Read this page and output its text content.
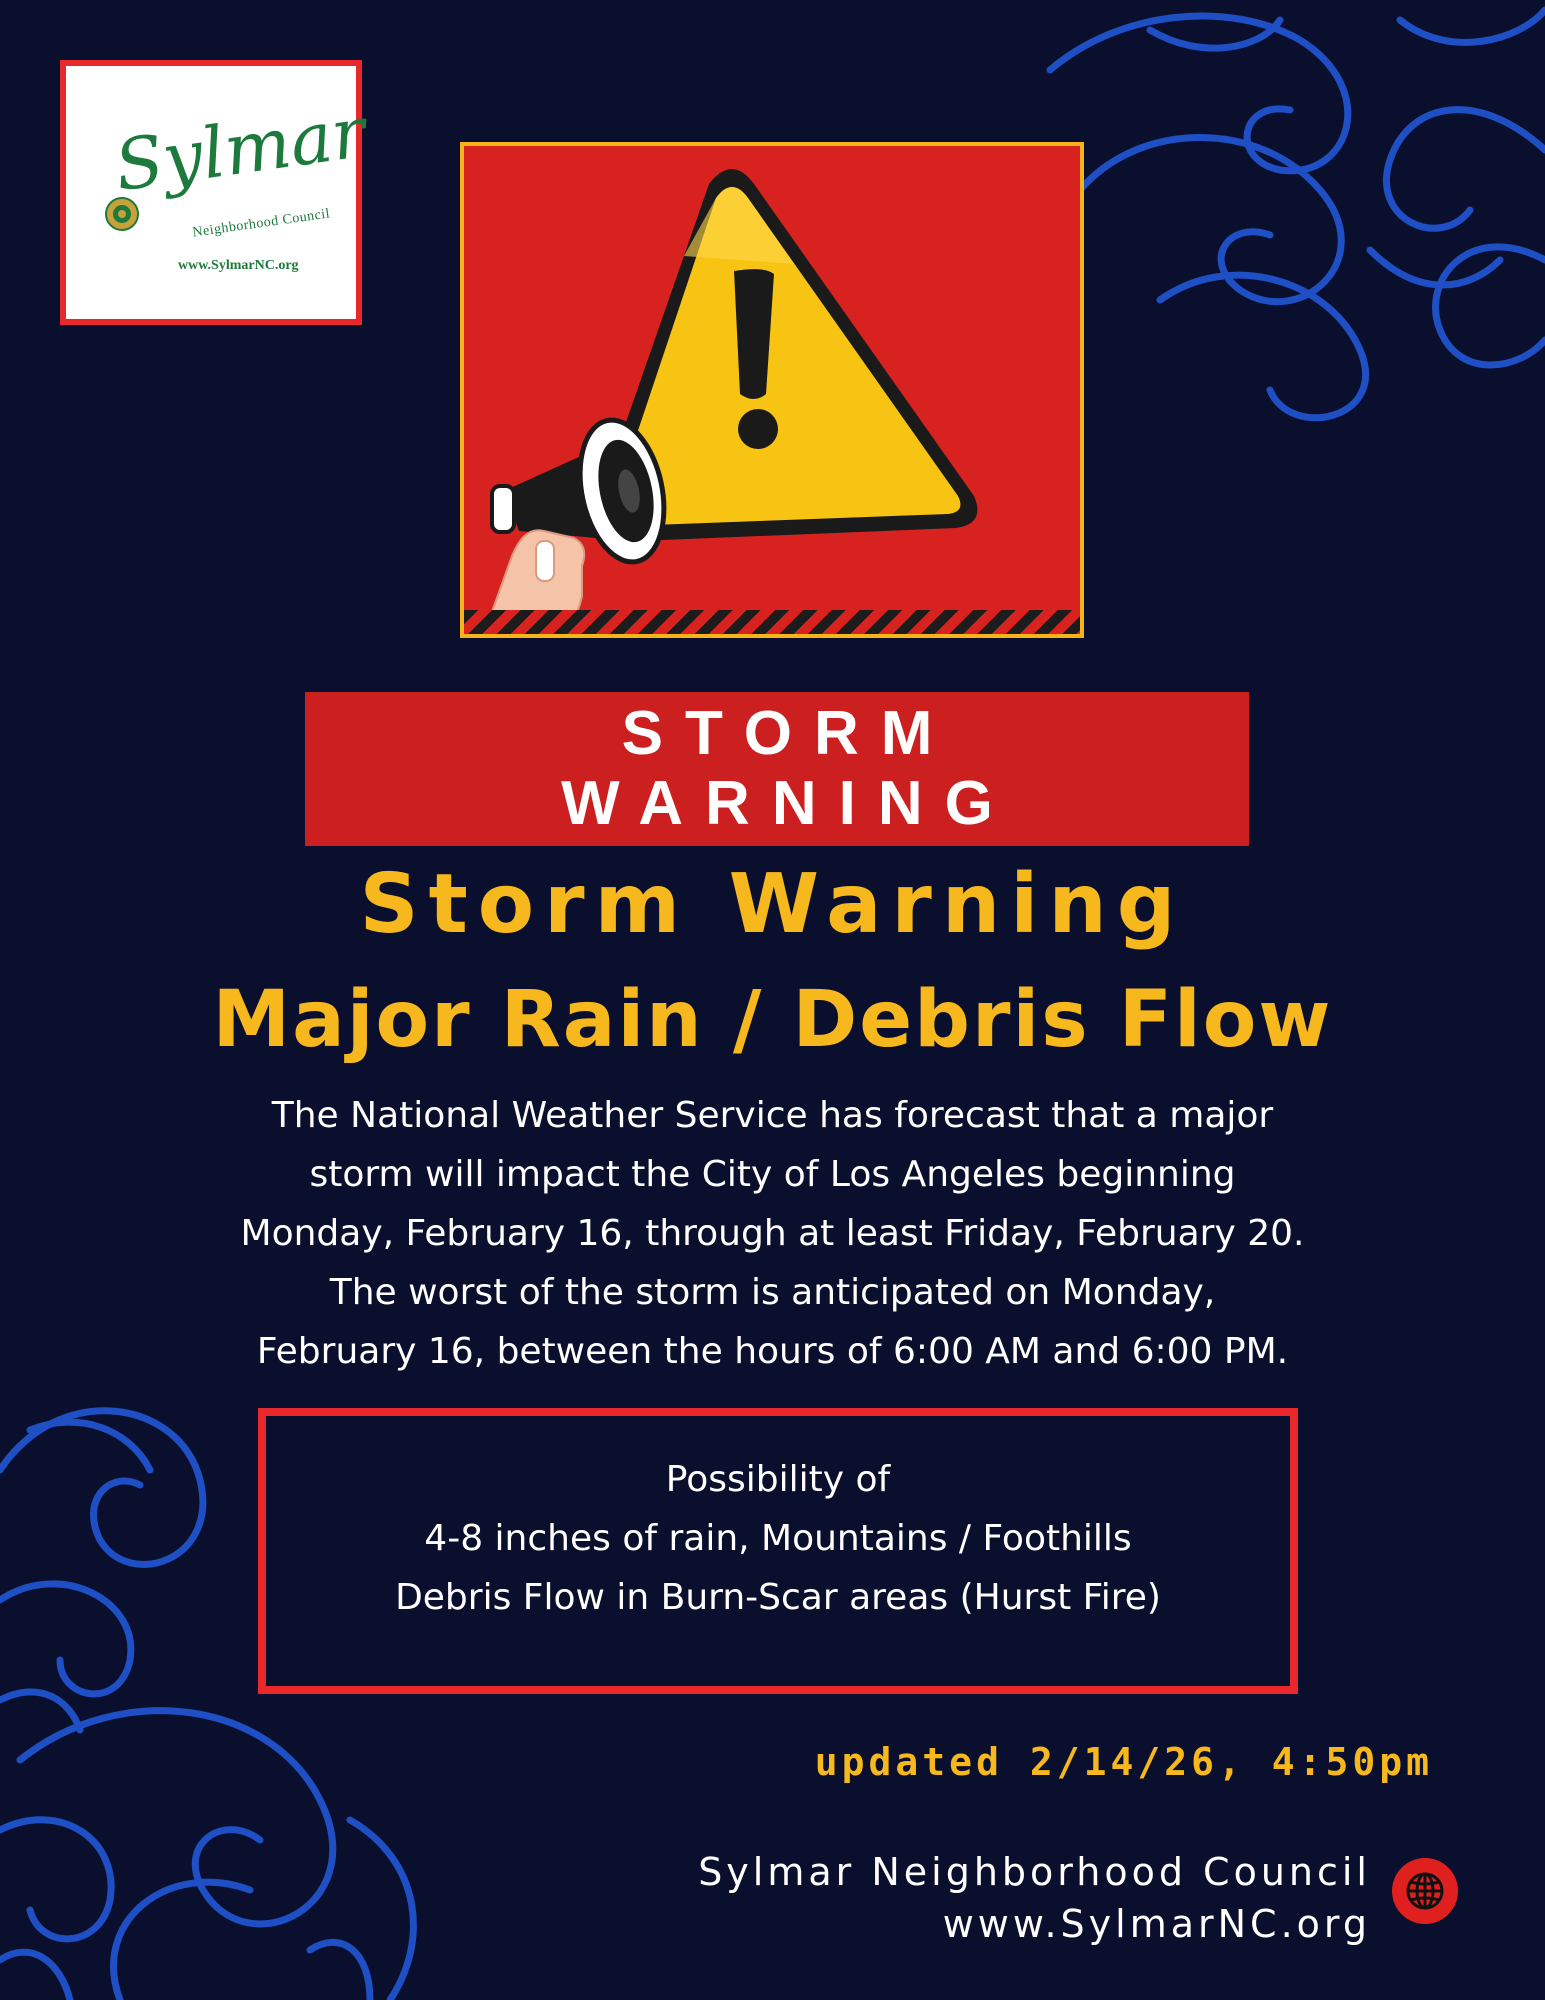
Sylmar
Neighborhood Council
www.SylmarNC.org
STORM
WARNING
Storm Warning
Major Rain / Debris Flow
The National Weather Service has forecast that a major
storm will impact the City of Los Angeles beginning
Monday, February 16, through at least Friday, February 20.
The worst of the storm is anticipated on Monday,
February 16, between the hours of 6:00 AM and 6:00 PM.
Possibility of
4-8 inches of rain, Mountains / Foothills
Debris Flow in Burn-Scar areas (Hurst Fire)
updated 2/14/26, 4:50pm
Sylmar Neighborhood Council
www.SylmarNC.org
